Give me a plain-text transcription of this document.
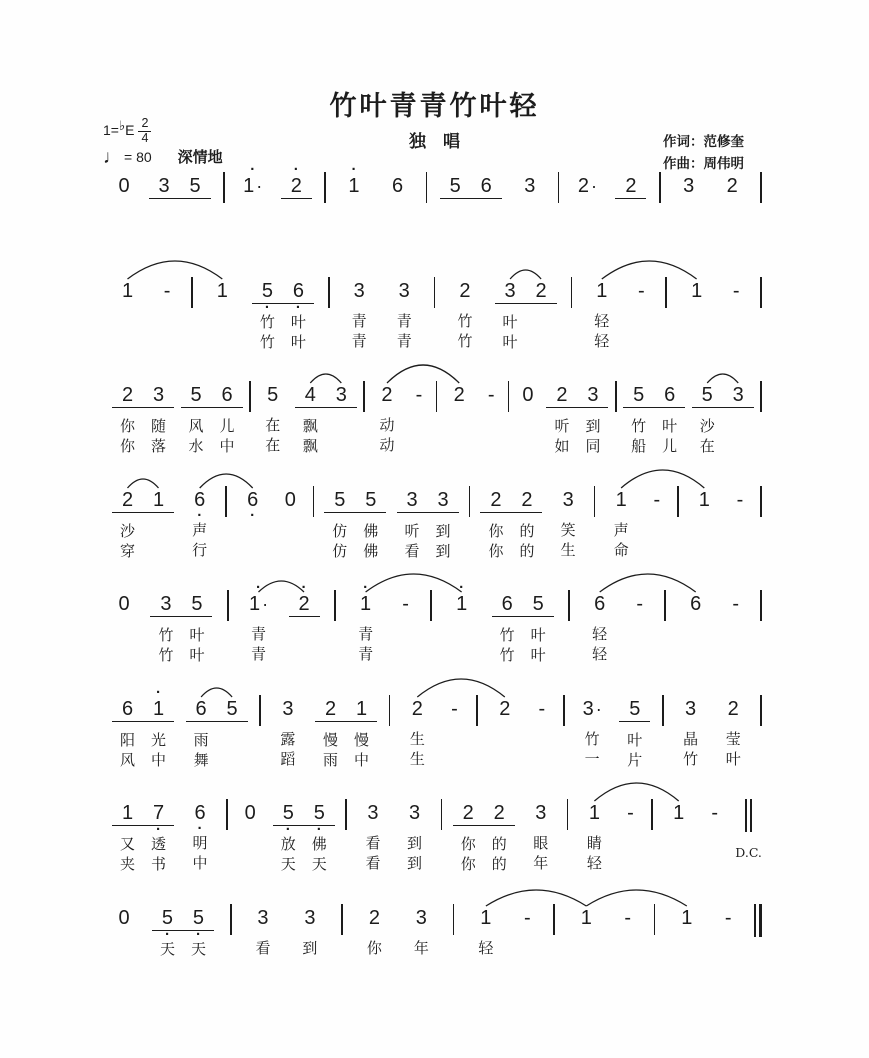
竹叶青青竹叶轻
独　唱
1= ♭ E $\frac{2}{4}$
♩ = 80 深情地
作词：范修奎
作曲：周伟明

0

	3

5

·
1 ·

·
2

·
1

	6

	5

6

	3

	2 ·

	2

	3

	2

1

	-

	1

	5
·
竹
竹

6
·
叶
叶

3

青
青

3

青
青

2

竹
竹

3

叶
叶

2

	1

轻
轻

-

	1

	-

2

你
你

3

随
落

5

风
水

6

儿
中

5

在
在

4

飘
飘

3

	2

动
动

-

	2

	-

	0

	2

听
如

3

到
同

5

竹
船

6

叶
儿

5

沙
在

3

2

沙
穿

1

	6
·
声
行

6
·

0

	5

仿
仿

5

佛
佛

3

听
看

3

到
到

2

你
你

2

的
的

3

笑
生

1

声
命

-

	1

	-

0

	3

竹
竹

5

叶
叶
·
1 ·

青
青
·
2

·
1

青
青

-

·
1

	6

竹
竹

5

叶
叶

6

轻
轻

-

	6

	-

6

阳
风
·
1

光
中

6

雨
舞

5

	3

露
蹈

2

慢
雨

1

慢
中

2

生
生

-

	2

	-

	3 ·

竹
一

5

叶
片

3

晶
竹

2

莹
叶

1

又
夹

7
·
透
书

6
·
明
中

0

	5
·
放
天

5
·
佛
天

3

看
看

3

到
到

2

你
你

2

的
的

3

眼
年

1

睛
轻

-

	1

	-

D.C.

0

	5
·
天

5
·
天

3

看

3

到

2

你

3

年

1

轻

-

	1

	-

	1

	-
